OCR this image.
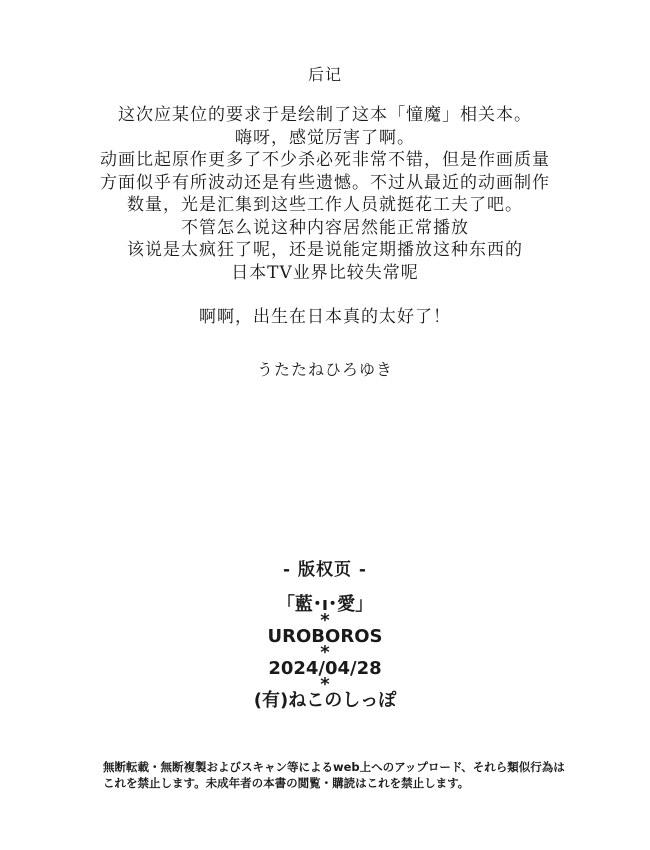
后记
这次应某位的要求于是绘制了这本「憧魔」相关本。
嗨呀，感觉厉害了啊。
动画比起原作更多了不少杀必死非常不错，但是作画质量
方面似乎有所波动还是有些遗憾。不过从最近的动画制作
数量，光是汇集到这些工作人员就挺花工夫了吧。
不管怎么说这种内容居然能正常播放
该说是太疯狂了呢，还是说能定期播放这种东西的
日本TV业界比较失常呢
啊啊，出生在日本真的太好了！
うたたねひろゆき
- 版权页 -
「藍･ı･愛」
*
UROBOROS
*
2024/04/28
*
(有)ねこのしっぽ
無断転載・無断複製およびスキャン等によるweb上へのアップロード、それら類似行為は
これを禁止します。未成年者の本書の閲覧・購読はこれを禁止します。
